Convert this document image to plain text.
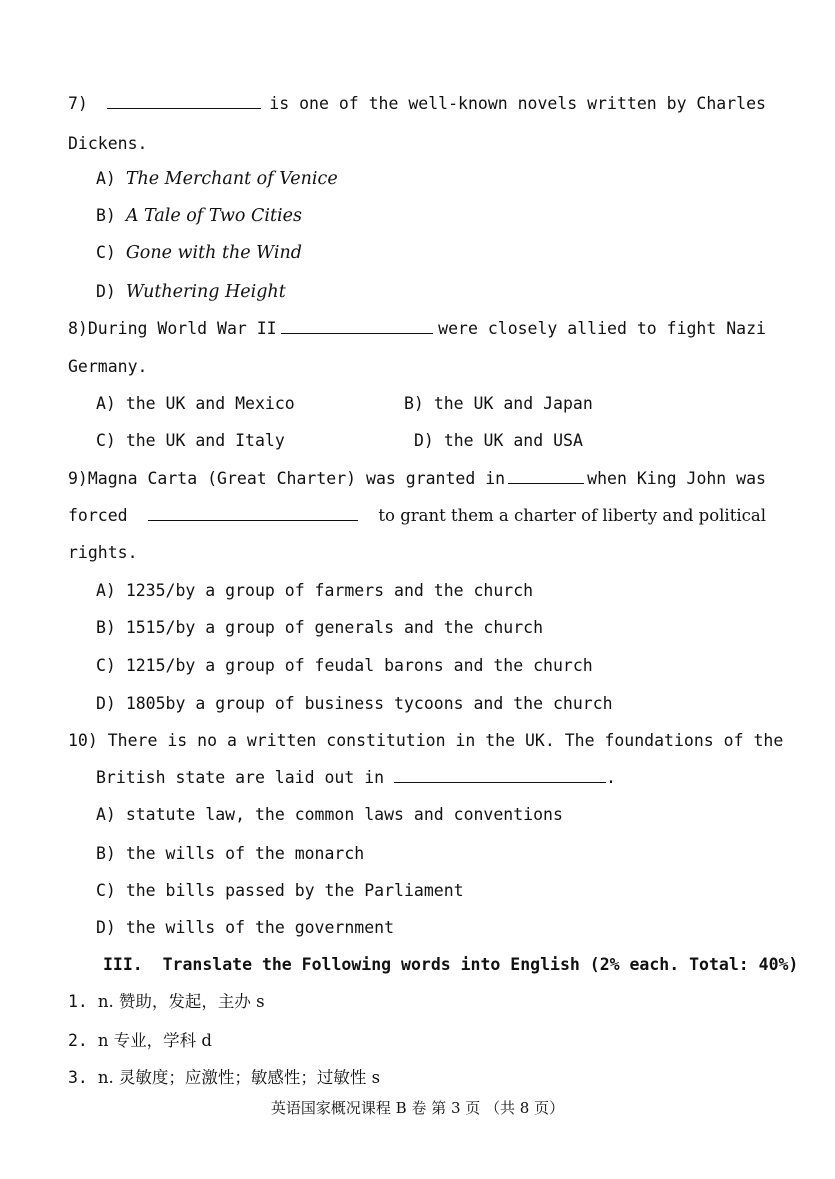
7)	is one of the well-known novels written by Charles
Dickens.
A) The Merchant of Venice
B) A Tale of Two Cities
C) Gone with the Wind
D) Wuthering Height
8)During World War II	were closely allied to fight Nazi
Germany.
A) the UK and Mexico	B) the UK and Japan
C) the UK and Italy	D) the UK and USA
9)Magna Carta (Great Charter) was granted in	when King John was
forced	to grant them a charter of liberty and political
rights.
A) 1235/by a group of farmers and the church
B) 1515/by a group of generals and the church
C) 1215/by a group of feudal barons and the church
D) 1805by a group of business tycoons and the church
10) There is no a written constitution in the UK. The foundations of the
British state are laid out in	.
A) statute law, the common laws and conventions
B) the wills of the monarch
C) the bills passed by the Parliament
D) the wills of the government
III.  Translate the Following words into English (2% each. Total: 40%)
1. n. 赞助，发起，主办 s
2. n 专业，学科 d
3. n. 灵敏度；应激性；敏感性；过敏性 s
英语国家概况课程 B 卷 第 3 页 （共 8 页）
